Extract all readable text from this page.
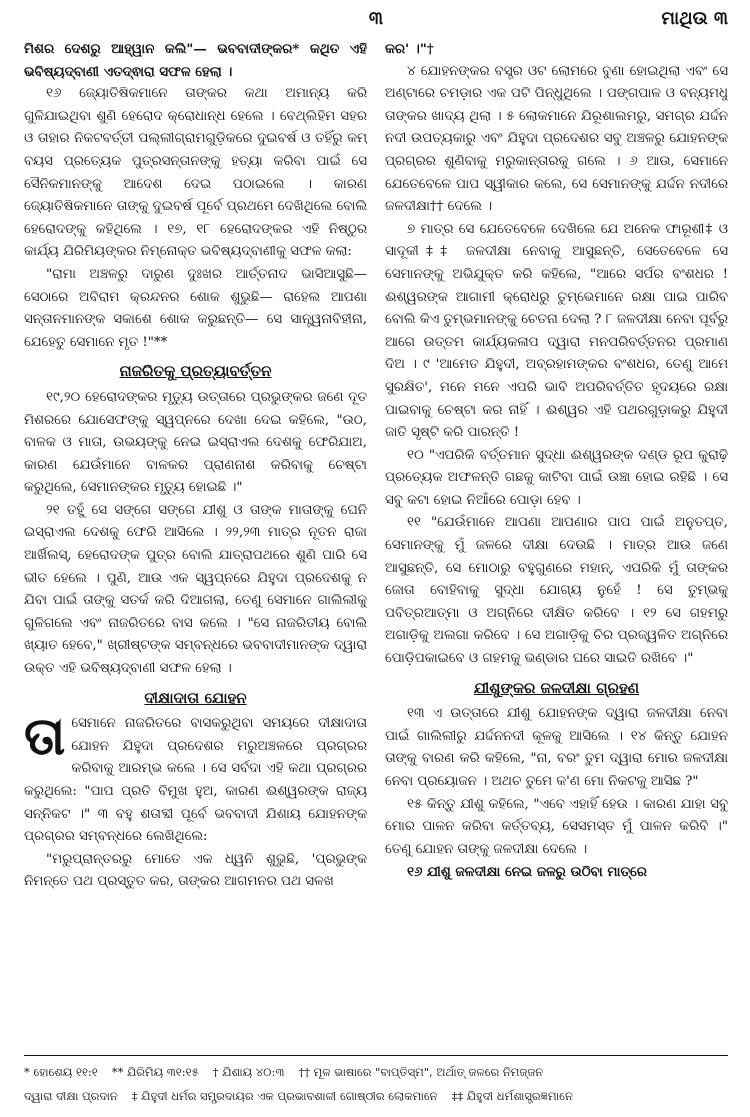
୩	ମାଥିଉ ୩

ମିଶର ଦେଶରୁ ଆହ୍ୱାନ କଲି"— ଭବବାଦୀଙ୍କର* କଥିତ ଏହି ଭବିଷ୍ୟଦ୍ବାଣୀ ଏତଦ୍ଵାରା ସଫଳ ହେଲା ।

୧୬ ଜ୍ୟୋତିଷିକମାନେ ତାଙ୍କର କଥା ଅମାନ୍ୟ କରି ଗୁଳିଯାଇଥିବା ଶୁଣି ହେରୋଦ କ୍ରୋଧାନ୍ଧ ହେଲେ । ବେଥ୍ଲିହିମ ସହର ଓ ତାହାର ନିକଟବର୍ତ୍ତୀ ପଲ୍ଲୀଗ୍ରାମଗୁଡ଼ିକରେ ଦୁଇବର୍ଷ ଓ ତହିଁରୁ କମ୍ ବୟସ ପ୍ରତ୍ୟେକ ପୁତ୍ରସନ୍ତାନଙ୍କୁ ହତ୍ୟା କରିବା ପାଇଁ ସେ ସୈନିକମାନଙ୍କୁ ଆଦେଶ ଦେଇ ପଠାଇଲେ । କାରଣ ଜ୍ୟୋତିଷିକମାନେ ତାଙ୍କୁ ଦୁଇବର୍ଷ ପୂର୍ବେ ପ୍ରଥମେ ଦେଖିଥିଲେ ବୋଲି ହେରୋଦଙ୍କୁ କହିଥିଲେ । ୧୭, ୧୮ ହେରୋଦଙ୍କର ଏହି ନିଷ୍ଠୁର କାର୍ଯ୍ୟ ଯିରିମିୟଙ୍କର ନିମ୍ନୋକ୍ତ ଭବିଷ୍ୟଦ୍ବାଣୀକୁ ସଫଳ କଲା:

"ରାମା ଅଞ୍ଚଳରୁ ଦାରୁଣ ଦୁଃଖର ଆର୍ତ୍ତନାଦ ଭାସିଆସୁଛି— ସେଠାରେ ଅବିରାମ କ୍ରନ୍ଦନର ଶୋକ ଶୁଭୁଛି— ରାହେଲ ଆପଣା ସନ୍ତାନମାନଙ୍କ ସକାଶେ ଶୋକ କରୁଛନ୍ତି— ସେ ସାନ୍ତ୍ୱନାବିହୀନା, ଯେହେତୁ ସେମାନେ ମୃତ !"**

ନାଜରିତକୁ ପ୍ରତ୍ୟାବର୍ତ୍ତନ

୧୯,୨୦ ହେରୋଦଙ୍କର ମୃତ୍ୟୁ ଉତ୍ତାରେ ପ୍ରଭୁଙ୍କର ଜଣେ ଦୂତ ମିଶରରେ ଯୋସେଫଙ୍କୁ ସ୍ୱପ୍ନରେ ଦେଖା ଦେଇ କହିଲେ, "ଉଠ, ବାଳକ ଓ ମାତା, ଉଭୟଙ୍କୁ ନେଇ ଇସ୍ରାଏଲ ଦେଶକୁ ଫେରିଯାଅ, କାରଣ ଯେଉଁମାନେ ବାଳକର ପ୍ରାଣନାଶ କରିବାକୁ ଚେଷ୍ଟା କରୁଥିଲେ, ସେମାନଙ୍କର ମୃତ୍ୟୁ ହୋଇଛି ।"

୨୧ ତହୁଁ ସେ ସଙ୍ଗେ ସଙ୍ଗେ ଯୀଶୁ ଓ ତାଙ୍କ ମାତାଙ୍କୁ ଘେନି ଇସ୍ରାଏଲ ଦେଶକୁ ଫେରି ଆସିଲେ । ୨୨,୨୩ ମାତ୍ର ନୂତନ ରାଜା ଆର୍ଖିଲସ୍, ହେରୋଦଙ୍କ ପୁତ୍ର ବୋଲି ଯାତ୍ରାପଥରେ ଶୁଣି ପାରି ସେ ଭୀତ ହେଲେ । ପୁଣି, ଆଉ ଏକ ସ୍ୱପ୍ନରେ ଯିହୁଦା ପ୍ରଦେଶକୁ ନ ଯିବା ପାଇଁ ତାଙ୍କୁ ସତର୍କ କରି ଦିଆଗଲା, ତେଣୁ ସେମାନେ ଗାଲିଲୀକୁ ଗୁଳିଗଲେ ଏବଂ ନାଜରିତରେ ବାସ କଲେ । "ସେ ନାଜରିତୀୟ ବୋଲି ଖ୍ୟାତ ହେବେ," ଖ୍ରୀଷ୍ଟଙ୍କ ସମ୍ବନ୍ଧରେ ଭବବାଦୀମାନଙ୍କ ଦ୍ୱାରା ଉକ୍ତ ଏହି ଭବିଷ୍ୟଦ୍ବାଣୀ ସଫଳ ହେଲା ।

ଦୀକ୍ଷାଦାତା ଯୋହନ

ତାସେମାନେ ନାଜରିତରେ ବାସକରୁଥିବା ସମୟରେ ଦୀକ୍ଷାଦାତା ଯୋହନ ଯିହୁଦା ପ୍ରଦେଶର ମରୁଅଞ୍ଚଳରେ ପ୍ରଗ୍ରର କରିବାକୁ ଆରମ୍ଭ କଲେ । ସେ ସର୍ବଦା ଏହି କଥା ପ୍ରଗ୍ରର କରୁଥିଲେ: "ପାପ ପ୍ରତି ବିମୁଖ ହୁଅ, କାରଣ ଈଶ୍ୱରଙ୍କ ରାଜ୍ୟ ସନ୍ନିକଟ ।" ୩ ବହୁ ଶତାବ୍ଦୀ ପୂର୍ବେ ଭବବାଦୀ ଯିଶାୟ ଯୋହନଙ୍କ ପ୍ରଗ୍ରର ସମ୍ବନ୍ଧରେ ଲେଖିଥିଲେ:

"ମରୁପ୍ରାନ୍ତରରୁ ମୋତେ ଏକ ଧ୍ୱନି ଶୁଭୁଛି, 'ପ୍ରଭୁଙ୍କ ନିମନ୍ତେ ପଥ ପ୍ରସ୍ତୁତ କର, ତାଙ୍କର ଆଗମନର ପଥ ସଳଖ

କର' ।"†

୪ ଯୋହନଙ୍କର ବସ୍ତ୍ର ଓଟ ଲୋମରେ ବୁଣା ହୋଇଥିଲା ଏବଂ ସେ ଅଣ୍ଟାରେ ଚମଡ଼ାର ଏକ ପଟି ପିନ୍ଧୁଥିଲେ । ପଙ୍ଗପାଳ ଓ ବନ୍ୟମଧୁ ତାଙ୍କର ଖାଦ୍ୟ ଥିଲା । ୫ ଲୋକମାନେ ଯିରୂଶାଲମରୁ, ସମଗ୍ର ଯର୍ଦ୍ଦନ ନଦୀ ଉପତ୍ୟକାରୁ ଏବଂ ଯିହୁଦା ପ୍ରଦେଶର ସବୁ ଅଞ୍ଚଳରୁ ଯୋହନଙ୍କ ପ୍ରଗ୍ରର ଶୁଣିବାକୁ ମରୁକାନ୍ତାରକୁ ଗଲେ । ୬ ଆଉ, ସେମାନେ ଯେତେବେଳେ ପାପ ସ୍ୱୀକାର କଲେ, ସେ ସେମାନଙ୍କୁ ଯର୍ଦ୍ଦନ ନଦୀରେ ଜଳଦୀକ୍ଷା†† ଦେଲେ ।

୭ ମାତ୍ର ସେ ଯେତେବେଳେ ଦେଖିଲେ ଯେ ଅନେକ ଫାରୂଶୀ‡ ଓ ସାଦୂକୀ‡‡ ଜଳଦୀକ୍ଷା ନେବାକୁ ଆସୁଛନ୍ତି, ସେତେବେଳେ ସେ ସେମାନଙ୍କୁ ଅଭିଯୁକ୍ତ କରି କହିଲେ, "ଆରେ ସର୍ପର ବଂଶଧର ! ଈଶ୍ୱରଙ୍କ ଆଗାମୀ କ୍ରୋଧରୁ ତୁମ୍ଭେମାନେ ରକ୍ଷା ପାଇ ପାରିବ ବୋଲି କିଏ ତୁମ୍ଭମାନଙ୍କୁ ଚେତନା ଦେଲା ? ୮ ଜଳଦୀକ୍ଷା ନେବା ପୂର୍ବରୁ ଆଗେ ଉତ୍ତମ କାର୍ଯ୍ୟକଳାପ ଦ୍ୱାରା ମନପରିବର୍ତ୍ତନର ପ୍ରମାଣ ଦିଅ । ୯ 'ଆମେତ ଯିହୁଦୀ, ଅବ୍ରହାମଙ୍କର ବଂଶଧର, ତେଣୁ ଆମେ ସୁରକ୍ଷିତ', ମନେ ମନେ ଏପରି ଭାବି ଅପରିବର୍ତ୍ତିତ ହୃଦୟରେ ରକ୍ଷା ପାଇବାକୁ ଚେଷ୍ଟା କର ନାହିଁ । ଈଶ୍ୱର ଏହି ପଥରଗୁଡ଼ାକରୁ ଯିହୁଦୀ ଜାତି ସୃଷ୍ଟି କରି ପାରନ୍ତି !

୧୦ "ଏପରିକି ବର୍ତ୍ତମାନ ସୁଦ୍ଧା ଈଶ୍ୱରଙ୍କ ଦଣ୍ଡ ରୂପ କୁରାଢ଼ି ପ୍ରତ୍ୟେକ ଅଫଳନ୍ତି ଗଛକୁ କାଟିବା ପାଇଁ ଉଞ୍ଚା ହୋଇ ରହିଛି । ସେ ସବୁ କଟା ହୋଇ ନିଆଁରେ ପୋଡ଼ା ହେବ ।

୧୧ "ଯେଉଁମାନେ ଆପଣା ଆପଣାର ପାପ ପାଇଁ ଅନୁତପ୍ତ, ସେମାନଙ୍କୁ ମୁଁ ଜଳରେ ଦୀକ୍ଷା ଦେଉଛି । ମାତ୍ର ଆଉ ଜଣେ ଆସୁଛନ୍ତି, ସେ ମୋଠାରୁ ବହୁଗୁଣରେ ମହାନ୍, ଏପରିକି ମୁଁ ତାଙ୍କର ଜୋତା ବୋହିବାକୁ ସୁଦ୍ଧା ଯୋଗ୍ୟ ନୁହେଁ ! ସେ ତୁମ୍ଭକୁ ପବିତ୍ରଆତ୍ମା ଓ ଅଗ୍ନିରେ ଦୀକ୍ଷିତ କରିବେ । ୧୨ ସେ ଗହମରୁ ଅଗାଡ଼ିକୁ ଅଲଗା କରିବେ । ସେ ଅଗାଡ଼ିକୁ ଚିର ପ୍ରଜ୍ୱଳିତ ଅଗ୍ନିରେ ପୋଡ଼ିପକାଇବେ ଓ ଗହମକୁ ଭଣ୍ଡାର ଘରେ ସାଇତି ରଖିବେ ।"

ଯୀଶୁଙ୍କର ଜଳଦୀକ୍ଷା ଗ୍ରହଣ

୧୩ ଏ ଉତ୍ତାରେ ଯୀଶୁ ଯୋହନଙ୍କ ଦ୍ୱାରା ଜଳଦୀକ୍ଷା ନେବା ପାଇଁ ଗାଲିଲୀରୁ ଯର୍ଦ୍ଦନନଦୀ କୂଳକୁ ଆସିଲେ । ୧୪ କିନ୍ତୁ ଯୋହନ ତାଙ୍କୁ ବାରଣ କରି କହିଲେ, "ନା, ବରଂ ତୁମ ଦ୍ୱାରା ମୋର ଜଳଦୀକ୍ଷା ନେବା ପ୍ରୟୋଜନ । ଅଥଚ ତୁମେ କ'ଣ ମୋ ନିକଟକୁ ଆସିଛ ?"

୧୫ କିନ୍ତୁ ଯୀଶୁ କହିଲେ, "ଏବେ ଏହାହିଁ ହେଉ । କାରଣ ଯାହା ସବୁ ମୋର ପାଳନ କରିବା କର୍ତ୍ତବ୍ୟ, ସେସମସ୍ତ ମୁଁ ପାଳନ କରିବି ।" ତେଣୁ ଯୋହନ ତାଙ୍କୁ ଜଳଦୀକ୍ଷା ଦେଲେ ।

୧୬ ଯୀଶୁ ଜଳଦୀକ୍ଷା ନେଇ ଜଳରୁ ଉଠିବା ମାତ୍ରେ

* ହୋଶେୟ ୧୧:୧ ** ଯିରିମିୟ ୩୧:୧୫ † ଯିଶାୟ ୪୦:୩ †† ମୂଳ ଭାଷାରେ "ବାପ୍ତିସ୍ମ", ଅର୍ଥାତ୍ ଜଳରେ ନିମଜ୍ଜନ
ଦ୍ୱାରା ଦୀକ୍ଷା ପ୍ରଦାନ ‡ ଯିହୁଦୀ ଧର୍ମର ସମ୍ପ୍ରଦାୟର ଏକ ପ୍ରଭାବଶାଳୀ ଗୋଷ୍ଠୀର ଲୋକମାନେ ‡‡ ଯିହୁଦୀ ଧର୍ମଶାସ୍ତ୍ରଜ୍ଞମାନେ
